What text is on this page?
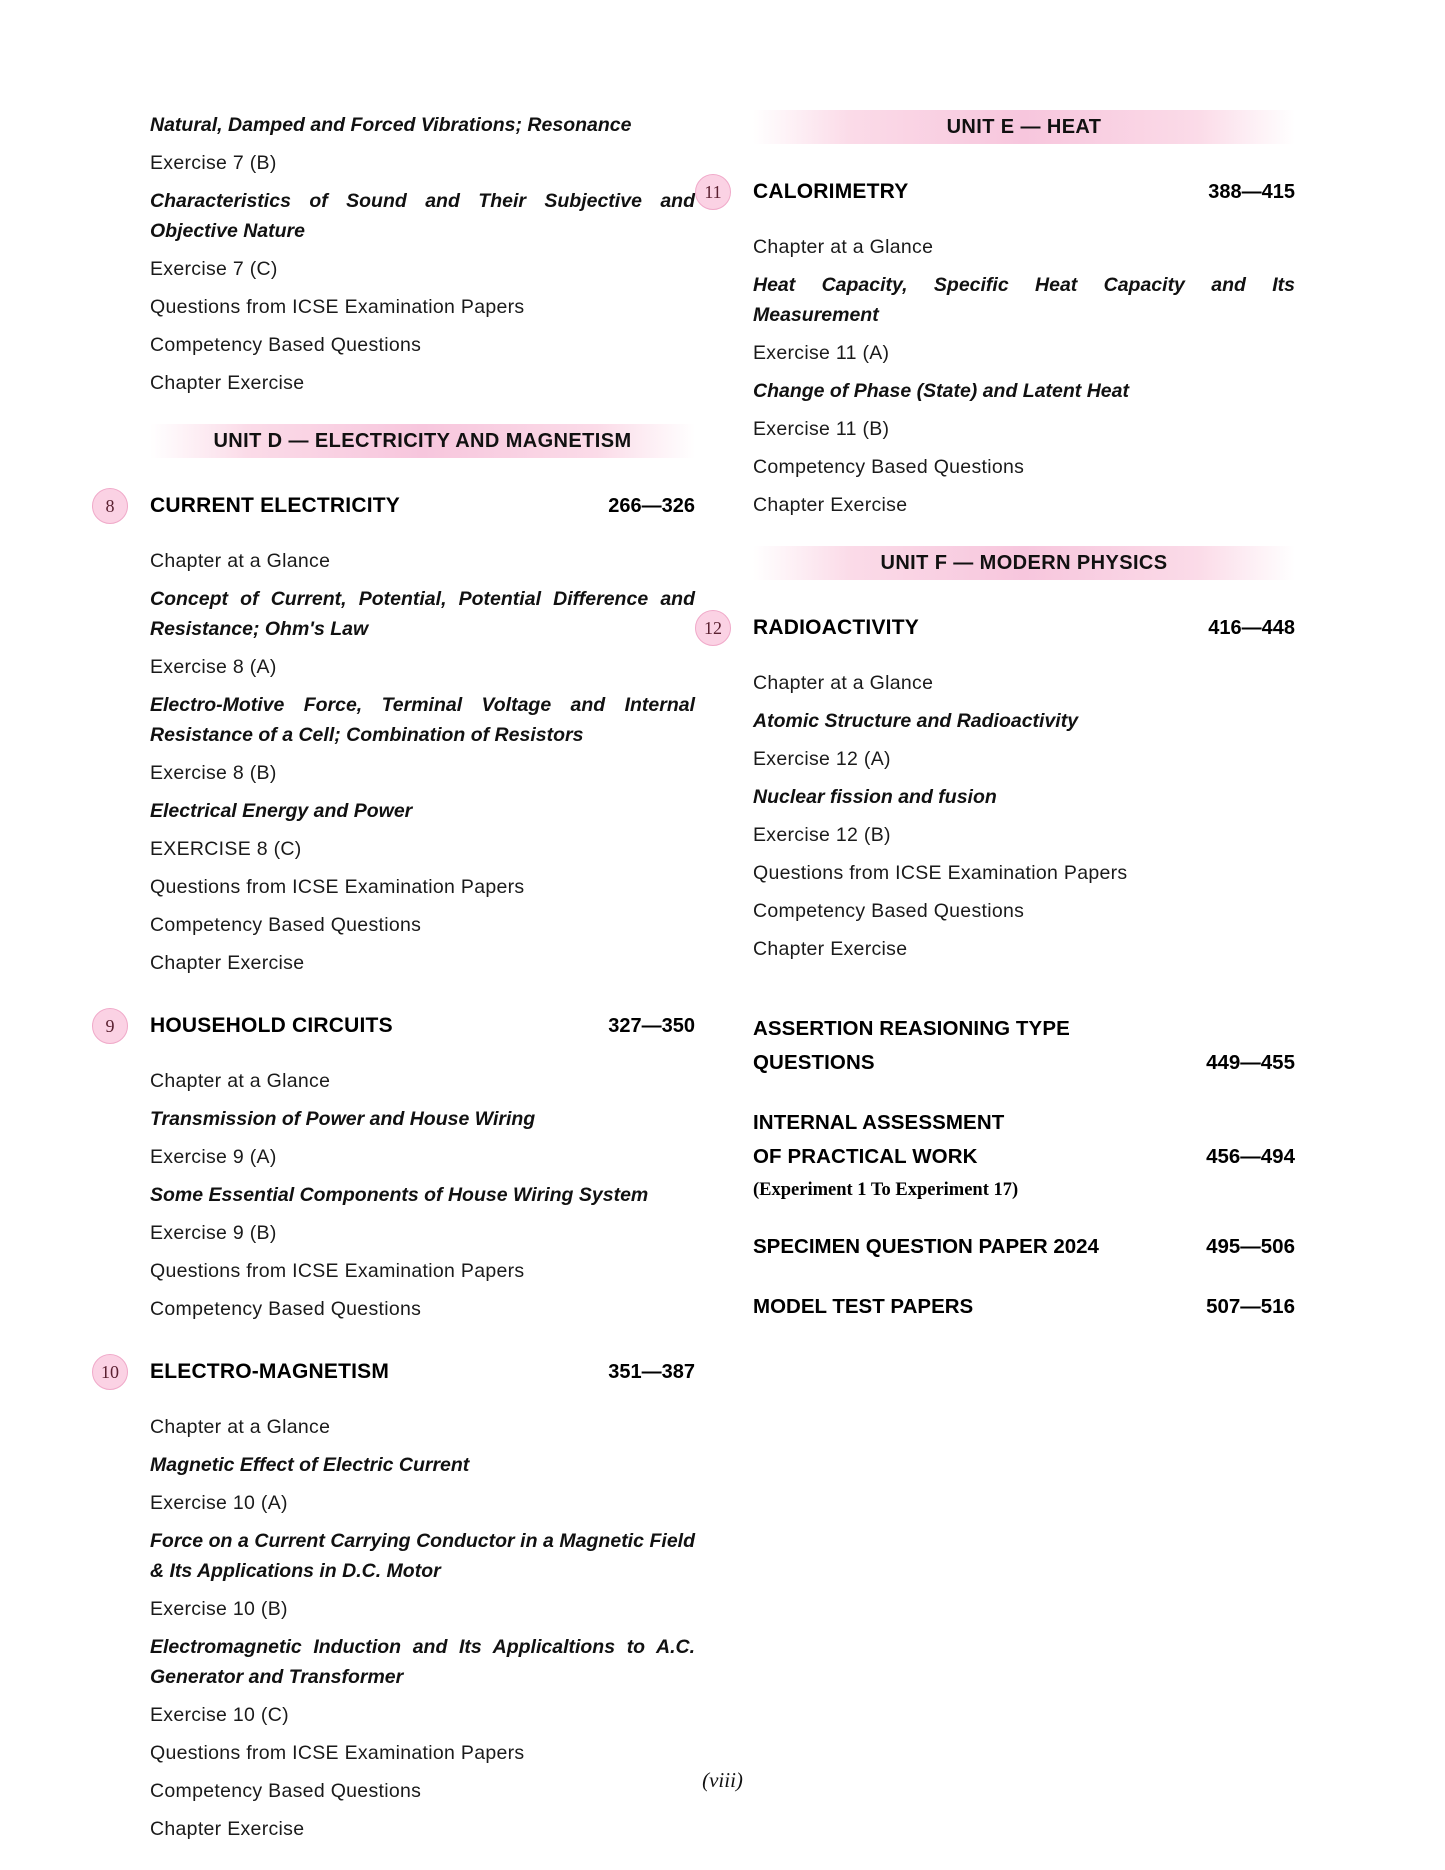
Natural, Damped and Forced Vibrations; Resonance
Exercise 7 (B)
Characteristics of Sound and Their Subjective and Objective Nature
Exercise 7 (C)
Questions from ICSE Examination Papers
Competency Based Questions
Chapter Exercise
UNIT D — ELECTRICITY AND MAGNETISM
8	CURRENT ELECTRICITY	266—326
Chapter at a Glance
Concept of Current, Potential, Potential Difference and Resistance; Ohm's Law
Exercise 8 (A)
Electro-Motive Force, Terminal Voltage and Internal Resistance of a Cell; Combination of Resistors
Exercise 8 (B)
Electrical Energy and Power
EXERCISE 8 (C)
Questions from ICSE Examination Papers
Competency Based Questions
Chapter Exercise
9	HOUSEHOLD CIRCUITS	327—350
Chapter at a Glance
Transmission of Power and House Wiring
Exercise 9 (A)
Some Essential Components of House Wiring System
Exercise 9 (B)
Questions from ICSE Examination Papers
Competency Based Questions
10	ELECTRO-MAGNETISM	351—387
Chapter at a Glance
Magnetic Effect of Electric Current
Exercise 10 (A)
Force on a Current Carrying Conductor in a Magnetic Field & Its Applications in D.C. Motor
Exercise 10 (B)
Electromagnetic Induction and Its Applicaltions to A.C. Generator and Transformer
Exercise 10 (C)
Questions from ICSE Examination Papers
Competency Based Questions
Chapter Exercise
UNIT E — HEAT
11	CALORIMETRY	388—415
Chapter at a Glance
Heat Capacity, Specific Heat Capacity and Its Measurement
Exercise 11 (A)
Change of Phase (State) and Latent Heat
Exercise 11 (B)
Competency Based Questions
Chapter Exercise
UNIT F — MODERN PHYSICS
12	RADIOACTIVITY	416—448
Chapter at a Glance
Atomic Structure and Radioactivity
Exercise 12 (A)
Nuclear fission and fusion
Exercise 12 (B)
Questions from ICSE Examination Papers
Competency Based Questions
Chapter Exercise
ASSERTION REASIONING TYPE
QUESTIONS	449—455
INTERNAL ASSESSMENT
OF PRACTICAL WORK	456—494
(Experiment 1 To Experiment 17)
SPECIMEN QUESTION PAPER 2024	495—506
MODEL TEST PAPERS	507—516
(viii)
